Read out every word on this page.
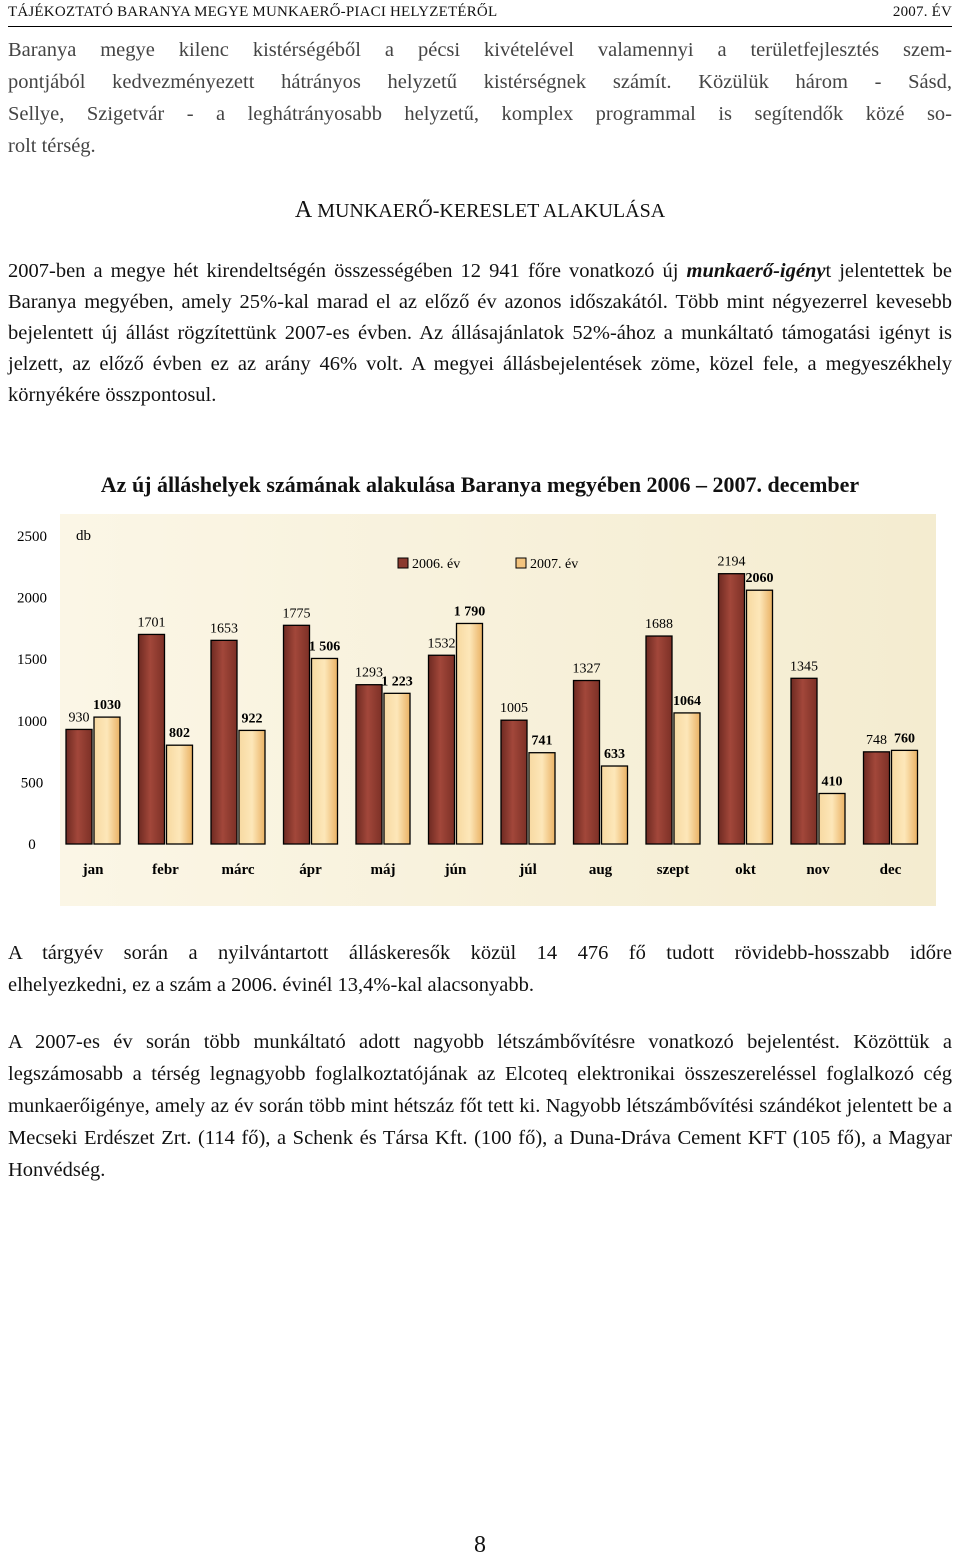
TÁJÉKOZTATÓ BARANYA MEGYE MUNKAERŐ-PIACI HELYZETÉRŐL	2007. ÉV
Baranya megye kilenc kistérségéből a pécsi kivételével valamennyi a területfejlesztés szem-
pontjából kedvezményezett hátrányos helyzetű kistérségnek számít. Közülük három - Sásd,
Sellye, Szigetvár - a leghátrányosabb helyzetű, komplex programmal is segítendők közé so-
rolt térség.
A MUNKAERŐ-KERESLET ALAKULÁSA
2007-ben a megye hét kirendeltségén összességében 12 941 főre vonatkozó új munkaerő-igényt jelentettek be Baranya megyében, amely 25%-kal marad el az előző év azonos időszakától. Több mint négyezerrel kevesebb bejelentett új állást rögzítettünk 2007-es évben. Az állásajánlatok 52%-ához a munkáltató támogatási igényt is jelzett, az előző évben ez az arány 46% volt. A megyei állásbejelentések zöme, közel fele, a megyeszékhely környékére összpontosul.
Az új álláshelyek számának alakulása Baranya megyében 2006 – 2007. december
0
500
1000
1500
2000
2500 db
930
1030
jan
1701
802
febr
1653
922
márc
1775
1 506
ápr
1293
1 223
máj
1532
1 790
jún
1005
741
júl
1327
633
aug
1688
1064
szept
2194
2060
okt
1345
410
nov
748 760
dec
2006. év	2007. év
A tárgyév során a nyilvántartott álláskeresők közül 14 476 fő tudott rövidebb-hosszabb időre
elhelyezkedni, ez a szám a 2006. évinél 13,4%-kal alacsonyabb.
A 2007-es év során több munkáltató adott nagyobb létszámbővítésre vonatkozó bejelentést. Közöttük a legszámosabb a térség legnagyobb foglalkoztatójának az Elcoteq elektronikai összeszereléssel foglalkozó cég munkaerőigénye, amely az év során több mint hétszáz főt tett ki. Nagyobb létszámbővítési szándékot jelentett be a Mecseki Erdészet Zrt. (114 fő), a Schenk és Társa Kft. (100 fő), a Duna-Dráva Cement KFT (105 fő), a Magyar Honvédség.
8
